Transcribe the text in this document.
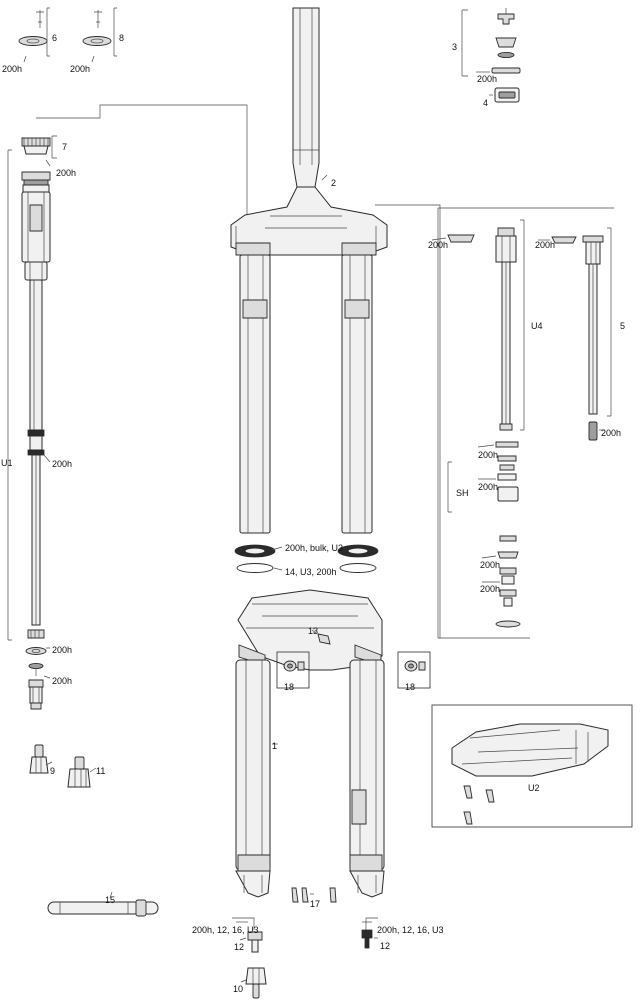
6
200h
8
200h
3
200h
4
7
200h
2
200h	200h
U4	5
U1	200h
200h
200h
200h
SH
200h
200h
200h
200h
200h, bulk, U3
14, U3, 200h
13
18	18
1
U2
9	11
15	17
200h, 12, 16, U3	200h, 12, 16, U3
12	12
10
